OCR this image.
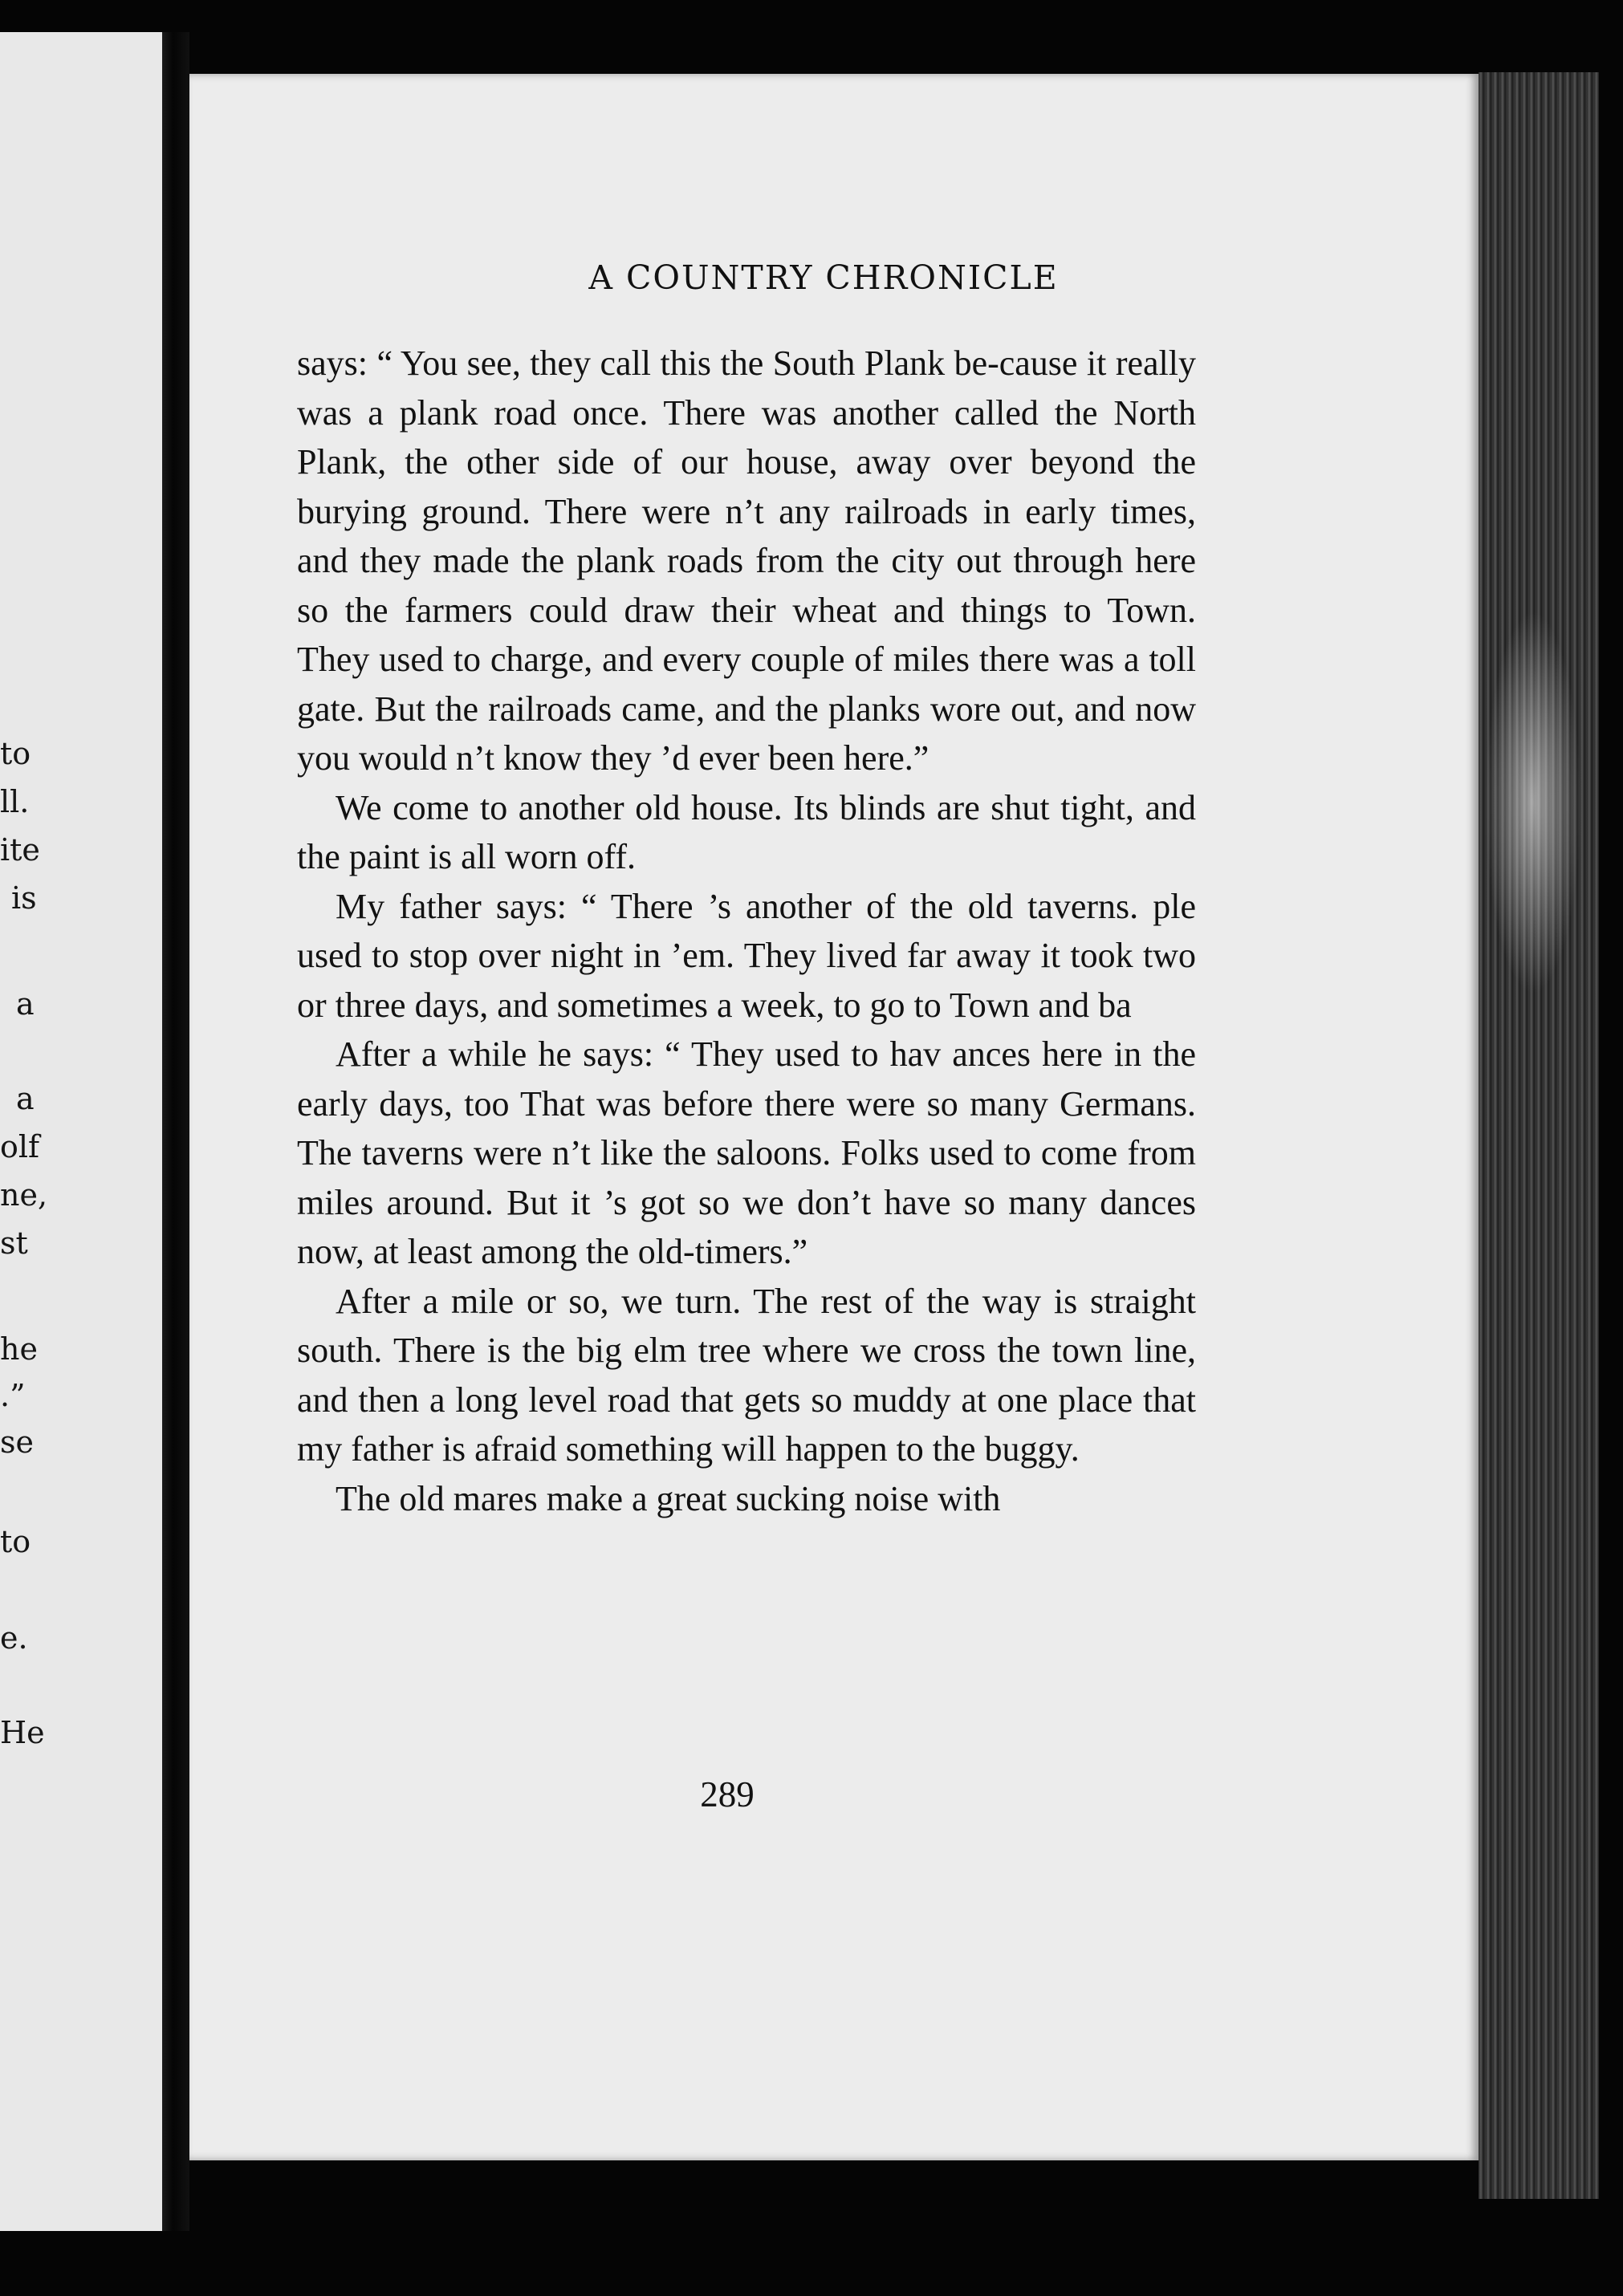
to
ll.
ite
is
a
a
olf
ne,
st
he
.”
se
to
e.
He
A COUNTRY CHRONICLE

says: “ You see, they call this the South Plank be-cause it really was a plank road once. There was another called the North Plank, the other side of our house, away over beyond the burying ground. There were n’t any railroads in early times, and they made the plank roads from the city out through here so the farmers could draw their wheat and things to Town. They used to charge, and every couple of miles there was a toll gate. But the railroads came, and the planks wore out, and now you would n’t know they ’d ever been here.”

We come to another old house. Its blinds are shut tight, and the paint is all worn off.

My father says: “ There ’s another of the old taverns. ple used to stop over night in ’em. They lived far away it took two or three days, and sometimes a week, to go to Town and ba

After a while he says: “ They used to hav ances here in the early days, too That was before there were so many Germans. The taverns were n’t like the saloons. Folks used to come from miles around. But it ’s got so we don’t have so many dances now, at least among the old-timers.”

After a mile or so, we turn. The rest of the way is straight south. There is the big elm tree where we cross the town line, and then a long level road that gets so muddy at one place that my father is afraid something will happen to the buggy.

The old mares make a great sucking noise with

289
